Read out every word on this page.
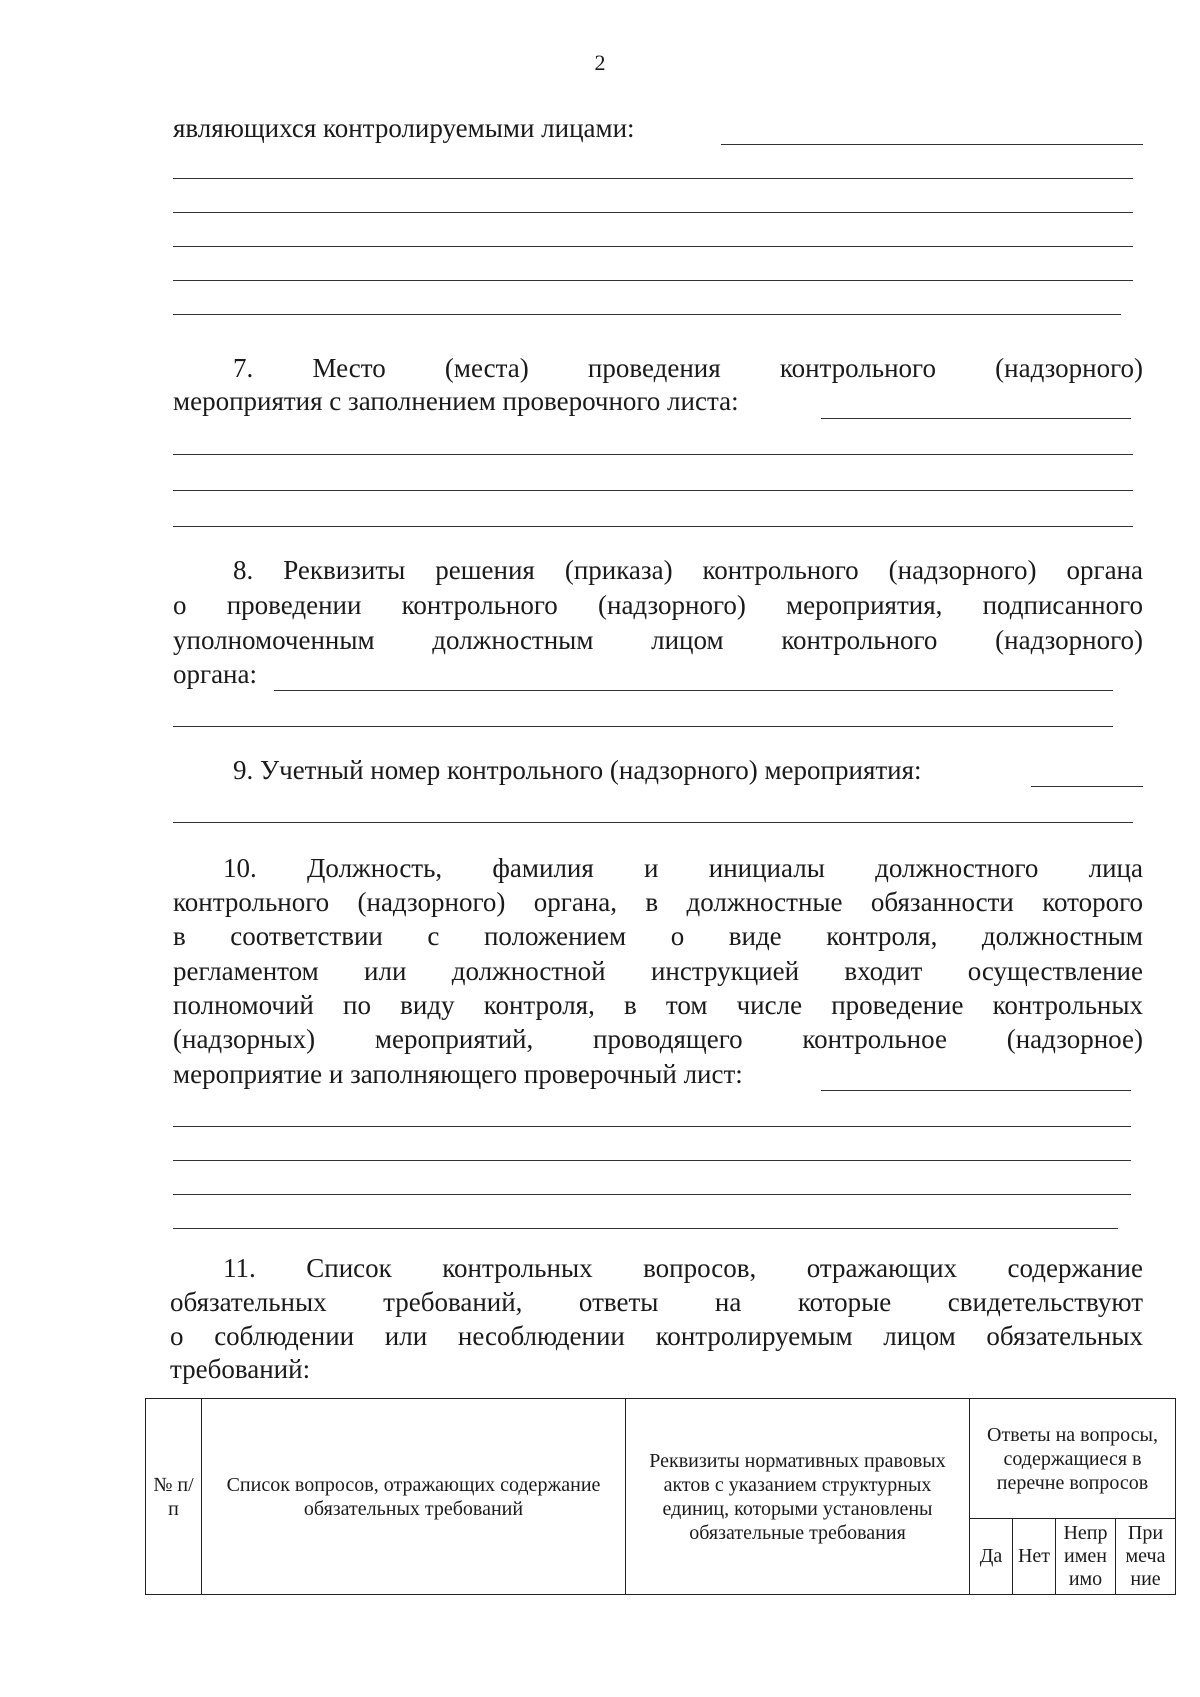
2
являющихся контролируемыми лицами:
7. Место (места) проведения контрольного (надзорного)
мероприятия с заполнением проверочного листа:
8. Реквизиты решения (приказа) контрольного (надзорного) органа
о проведении контрольного (надзорного) мероприятия, подписанного
уполномоченным должностным лицом контрольного (надзорного)
органа:
9. Учетный номер контрольного (надзорного) мероприятия:
10. Должность, фамилия и инициалы должностного лица
контрольного (надзорного) органа, в должностные обязанности которого
в соответствии с положением о виде контроля, должностным
регламентом или должностной инструкцией входит осуществление
полномочий по виду контроля, в том числе проведение контрольных
(надзорных) мероприятий, проводящего контрольное (надзорное)
мероприятие и заполняющего проверочный лист:
11. Список контрольных вопросов, отражающих содержание
обязательных требований, ответы на которые свидетельствуют
о соблюдении или несоблюдении контролируемым лицом обязательных
требований:
№ п/п	Список вопросов, отражающих содержание обязательных требований	Реквизиты нормативных правовых актов с указанием структурных единиц, которыми установлены обязательные требования	Ответы на вопросы, содержащиеся в перечне вопросов			
			Да	Нет	Непр имен имо	При меча ние
